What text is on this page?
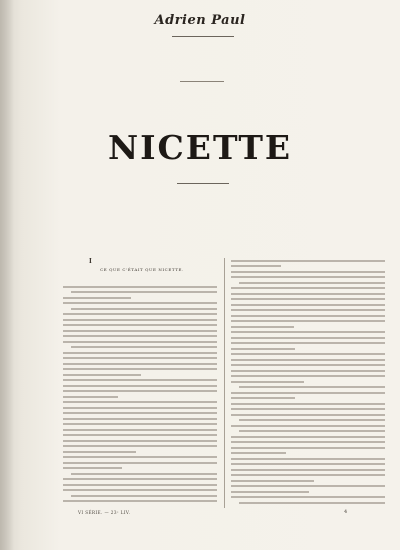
Adrien Paul
NICETTE
I
CE QUE C'ÉTAIT QUE NICETTE.
VI SÉRIE. — 23ᵉ LIV.	4
